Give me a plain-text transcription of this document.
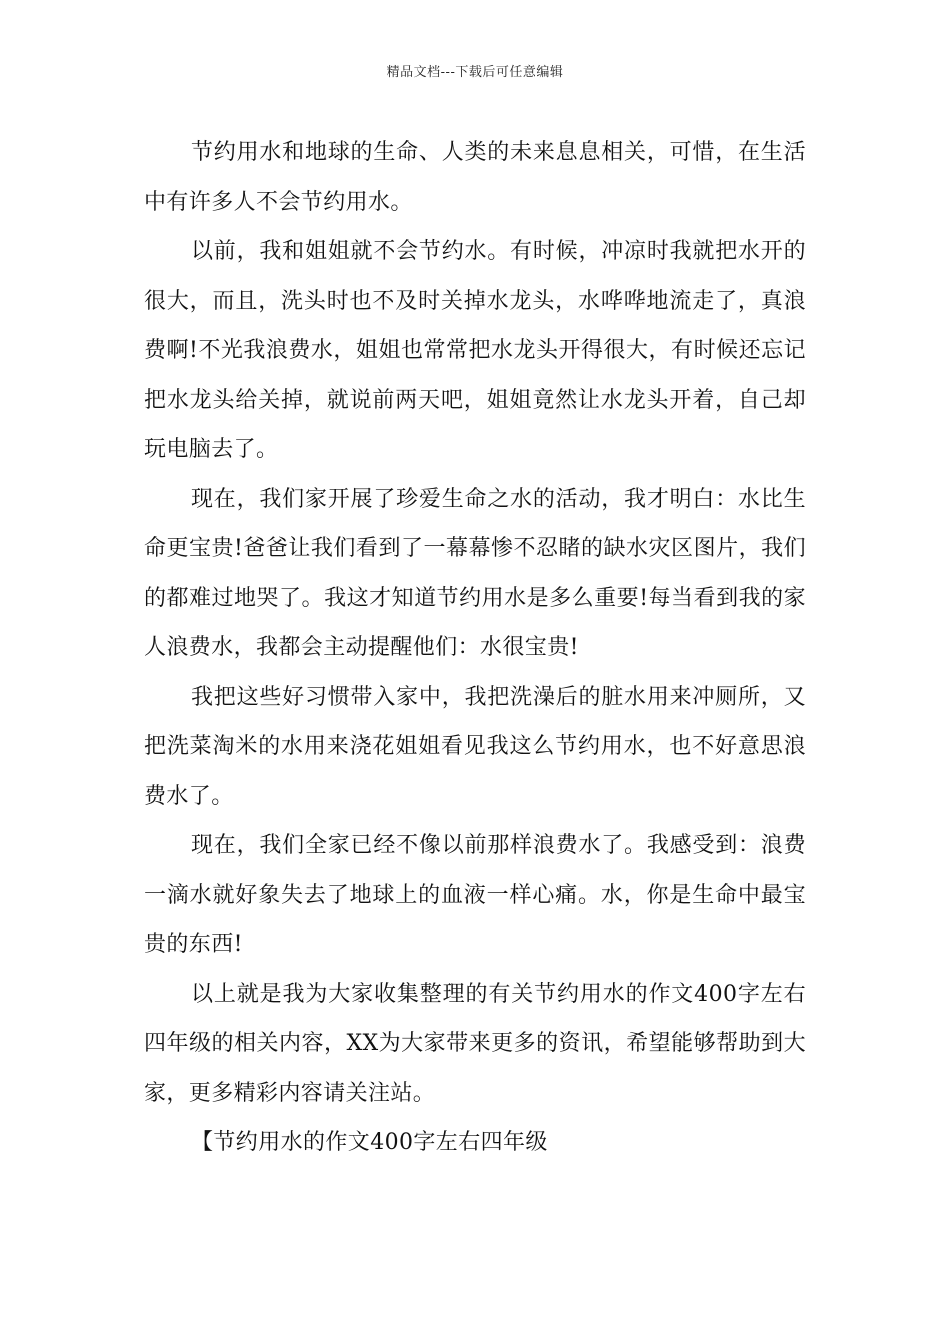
精品文档---下载后可任意编辑

节约用水和地球的生命、人类的未来息息相关，可惜，在生活中有许多人不会节约用水。

以前，我和姐姐就不会节约水。有时候，冲凉时我就把水开的很大，而且，洗头时也不及时关掉水龙头，水哗哗地流走了，真浪费啊!不光我浪费水，姐姐也常常把水龙头开得很大，有时候还忘记把水龙头给关掉，就说前两天吧，姐姐竟然让水龙头开着，自己却玩电脑去了。

现在，我们家开展了珍爱生命之水的活动，我才明白：水比生命更宝贵!爸爸让我们看到了一幕幕惨不忍睹的缺水灾区图片，我们的都难过地哭了。我这才知道节约用水是多么重要!每当看到我的家人浪费水，我都会主动提醒他们：水很宝贵!

我把这些好习惯带入家中，我把洗澡后的脏水用来冲厕所，又把洗菜淘米的水用来浇花姐姐看见我这么节约用水，也不好意思浪费水了。

现在，我们全家已经不像以前那样浪费水了。我感受到：浪费一滴水就好象失去了地球上的血液一样心痛。水，你是生命中最宝贵的东西!

以上就是我为大家收集整理的有关节约用水的作文400字左右四年级的相关内容，XX为大家带来更多的资讯，希望能够帮助到大家，更多精彩内容请关注站。

【节约用水的作文400字左右四年级
